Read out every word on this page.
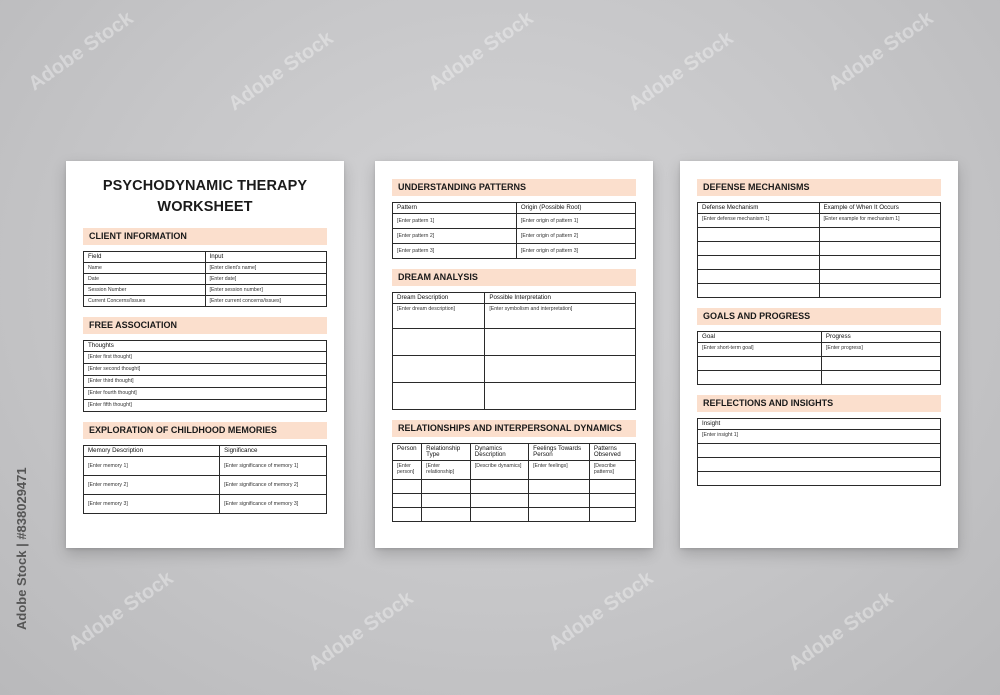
Adobe Stock	Adobe Stock	Adobe Stock	Adobe Stock	Adobe Stock
Adobe Stock	Adobe Stock	Adobe Stock	Adobe Stock
Adobe Stock | #838029471
PSYCHODYNAMIC THERAPY
WORKSHEET
CLIENT INFORMATION
Field	Input
Name	[Enter client's name]
Date	[Enter date]
Session Number	[Enter session number]
Current Concerns/Issues	[Enter current concerns/issues]
FREE ASSOCIATION
Thoughts
[Enter first thought]
[Enter second thought]
[Enter third thought]
[Enter fourth thought]
[Enter fifth thought]
EXPLORATION OF CHILDHOOD MEMORIES
Memory Description	Significance
[Enter memory 1]	[Enter significance of memory 1]
[Enter memory 2]	[Enter significance of memory 2]
[Enter memory 3]	[Enter significance of memory 3]
UNDERSTANDING PATTERNS
Pattern	Origin (Possible Root)
[Enter pattern 1]	[Enter origin of pattern 1]
[Enter pattern 2]	[Enter origin of pattern 2]
[Enter pattern 3]	[Enter origin of pattern 3]
DREAM ANALYSIS
Dream Description	Possible Interpretation
[Enter dream description]	[Enter symbolism and interpretation]

RELATIONSHIPS AND INTERPERSONAL DYNAMICS
Person	Relationship Type	Dynamics Description	Feelings Towards Person	Patterns Observed
[Enter person]	[Enter relationship]	[Describe dynamics]	[Enter feelings]	[Describe patterns]

DEFENSE MECHANISMS
Defense Mechanism	Example of When It Occurs
[Enter defense mechanism 1]	[Enter example for mechanism 1]

GOALS AND PROGRESS
Goal	Progress
[Enter short-term goal]	[Enter progress]

REFLECTIONS AND INSIGHTS
Insight
[Enter insight 1]
